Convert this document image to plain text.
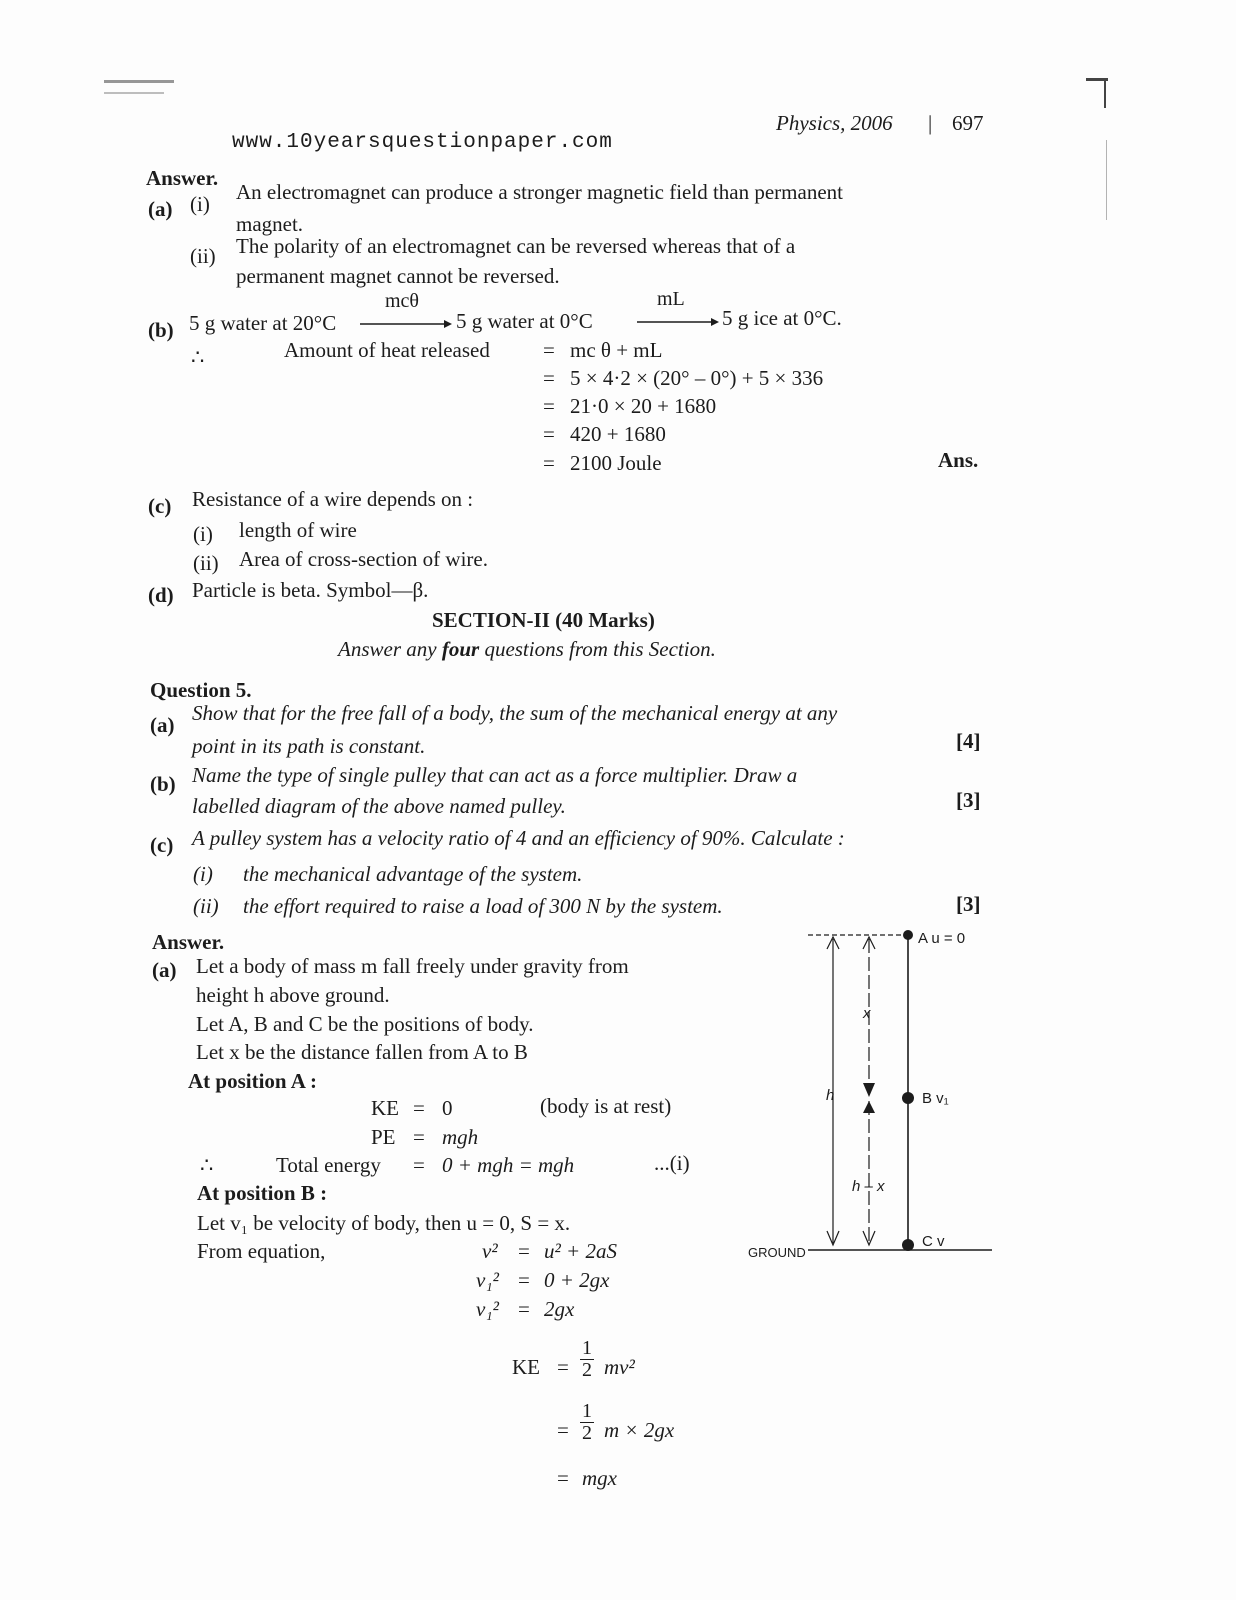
Physics, 2006 | 697
www.10yearsquestionpaper.com
Answer.
(a) (i) An electromagnet can produce a stronger magnetic field than permanent
magnet.
(ii) The polarity of an electromagnet can be reversed whereas that of a
permanent magnet cannot be reversed.
(b) 5 g water at 20°C
mcθ
5 g water at 0°C
mL
5 g ice at 0°C.
∴	Amount of heat released	= mc θ + mL
= 5 × 4·2 × (20° – 0°) + 5 × 336
= 21·0 × 20 + 1680
= 420 + 1680
= 2100 Joule	Ans.
(c) Resistance of a wire depends on :
(i) length of wire
(ii) Area of cross-section of wire.
(d) Particle is beta. Symbol—β.
SECTION-II (40 Marks)
Answer any four questions from this Section.
Question 5.
(a) Show that for the free fall of a body, the sum of the mechanical energy at any
point in its path is constant.	[4]
(b) Name the type of single pulley that can act as a force multiplier. Draw a
labelled diagram of the above named pulley.	[3]
(c) A pulley system has a velocity ratio of 4 and an efficiency of 90%. Calculate :
(i) the mechanical advantage of the system.
(ii) the effort required to raise a load of 300 N by the system.	[3]
Answer.
(a) Let a body of mass m fall freely under gravity from
height h above ground.
Let A, B and C be the positions of body.
Let x be the distance fallen from A to B
At position A :
KE = 0	(body is at rest)
PE = mgh
∴	Total energy = 0 + mgh = mgh	...(i)
At position B :
Let v₁ be velocity of body, then u = 0, S = x.
From equation,	v² = u² + 2aS
v₁² = 0 + 2gx
v₁² = 2gx
KE = $\frac{1}{2} mv^2$
= $\frac{1}{2}$ m × 2gx
= mgx
A u = 0
B v₁
C v
x
h
h – x
GROUND
